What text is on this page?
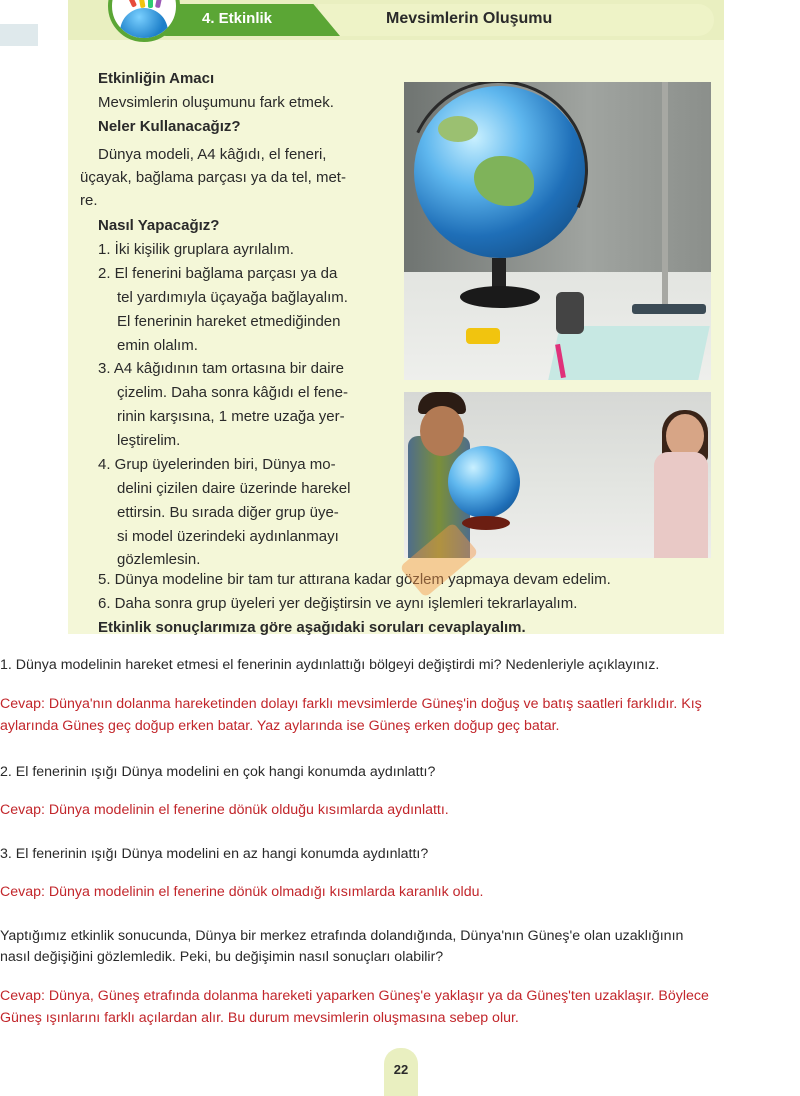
4. Etkinlik	Mevsimlerin Oluşumu
Etkinliğin Amacı
Mevsimlerin oluşumunu fark etmek.
Neler Kullanacağız?
Dünya modeli, A4 kâğıdı, el feneri,
üçayak, bağlama parçası ya da tel, met-
re.
Nasıl Yapacağız?
1. İki kişilik gruplara ayrılalım.
2. El fenerini bağlama parçası ya da
tel yardımıyla üçayağa bağlayalım.
El fenerinin hareket etmediğinden
emin olalım.
3. A4 kâğıdının tam ortasına bir daire
çizelim. Daha sonra kâğıdı el fene-
rinin karşısına, 1 metre uzağa yer-
leştirelim.
4. Grup üyelerinden biri, Dünya mo-
delini çizilen daire üzerinde harekel
ettirsin. Bu sırada diğer grup üye-
si model üzerindeki aydınlanmayı
gözlemlesin.
5. Dünya modeline bir tam tur attırana kadar gözlem yapmaya devam edelim.
6. Daha sonra grup üyeleri yer değiştirsin ve aynı işlemleri tekrarlayalım.
Etkinlik sonuçlarımıza göre aşağıdaki soruları cevaplayalım.
1. Dünya modelinin hareket etmesi el fenerinin aydınlattığı bölgeyi değiştirdi mi? Nedenleriyle açıklayınız.
Cevap: Dünya'nın dolanma hareketinden dolayı farklı mevsimlerde Güneş'in doğuş ve batış saatleri farklıdır. Kış
aylarında Güneş geç doğup erken batar. Yaz aylarında ise Güneş erken doğup geç batar.
2. El fenerinin ışığı Dünya modelini en çok hangi konumda aydınlattı?
Cevap: Dünya modelinin el fenerine dönük olduğu kısımlarda aydınlattı.
3. El fenerinin ışığı Dünya modelini en az hangi konumda aydınlattı?
Cevap: Dünya modelinin el fenerine dönük olmadığı kısımlarda karanlık oldu.
Yaptığımız etkinlik sonucunda, Dünya bir merkez etrafında dolandığında, Dünya'nın Güneş'e olan uzaklığının
nasıl değişiğini gözlemledik. Peki, bu değişimin nasıl sonuçları olabilir?
Cevap: Dünya, Güneş etrafında dolanma hareketi yaparken Güneş'e yaklaşır ya da Güneş'ten uzaklaşır. Böylece
Güneş ışınlarını farklı açılardan alır. Bu durum mevsimlerin oluşmasına sebep olur.
22
